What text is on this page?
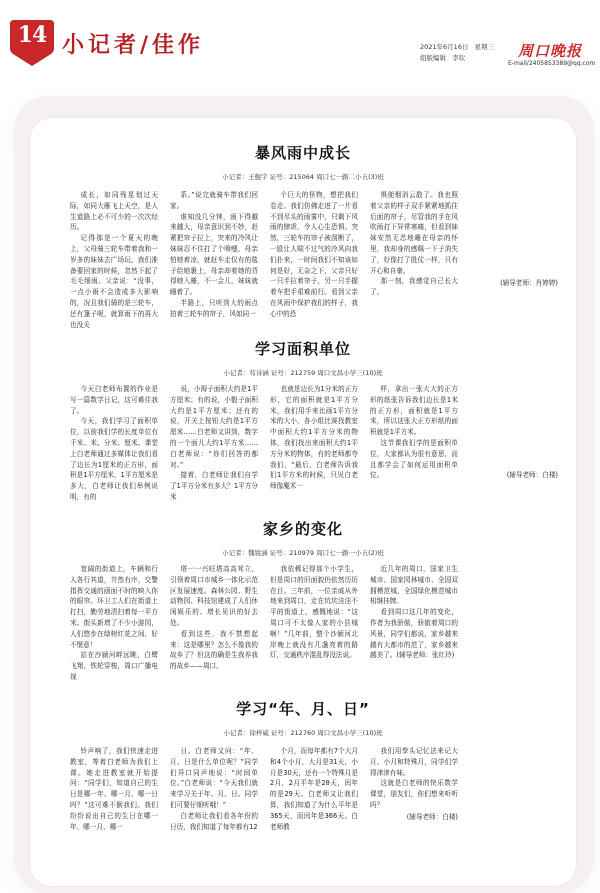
14 小记者/佳作	2021年6月16日 星期三
组版编辑 李钦	周口晚报
E-mail/2405853389@qq.com
暴风雨中成长
小记者：王舰宇 证号：215064 周口七一路二小五(3)班

成长，如同残星划过天际，如同大雁飞上天空，是人生道路上必不可少的一次次经历。

记得那是一个夏天的晚上，父母骑三轮车带着我和一岁多的妹妹去广场玩，我们准备要回家的时候，忽然下起了毛毛细雨。父亲说：“没事，一点小雨不会造成多大影响的，况且我们骑的是三轮车，还有篷子呢，就算雨下的再大也没关

系。”说完就骑车带我们回家。

谁知没几分钟，雨下得越来越大，母亲意识到不妙，赶紧把帘子拉上，突来的冷风让妹妹忍不住打了个喷嚏，母亲怕她着凉，就赶车走仅有的毯子给她裹上，母亲却着她的背得她入睡，不一会儿，妹妹就睡着了。

半路上，只听到大的雨点拍着三轮车的帘子，风如同一

个巨大的怪物，想把我们卷走。我们仿佛走进了一片看不到尽头的雨雾中，只剩下风雨的肆虐，令人心生恐惧。突然，三轮车的帘子被刮断了，一股让人喘不过气的冷风向我们扑来，一时间我们不知该如何是好，无奈之下，父亲只好一只手拉着帘子，另一只手握着车把手艰难前行。看到父亲在风雨中保护我们的样子，我心中的恐

惧便烟消云散了。我也照着父亲的样子双手紧紧地抓住后面的帘子，尽管我的手在风吹雨打下异常寒痛，但看到妹妹安然无恙地睡在母亲的怀里，我却身的感佩一下子消失了，好像打了胜仗一样，只有开心和自豪。

那一刻，我感觉自己长大了。

(辅导老师：肖婷婷)
学习面积单位
小记者：苟诗涵 证号：212759 周口文昌小学三(10)班

今天白老师布置的作业是写一篇数学日记，这可难住我了。

今天，我们学习了面积单位，以前我们学的长度单位有千米、米、分米、厘米。课堂上白老师通过多媒体让我们看了边长为1厘米的正方形，面积是1平方厘米，1平方厘米是多大，白老师让我们举例说明，有的

说，小拇子面积大约是1平方厘米；有的说，小骰子面积大约是1平方厘米；还有的说，开关上按钮大约是1平方厘米……白老师又讲到，数字的一个面儿大约1平方米……白老师说：“你们回答的都对。”

接着，白老师让我们自学了1平方分米有多大？1平方分米

也就是边长为1分米的正方形，它的面积就是1平方分米，我们用手来比画1平方分米的大小，各小组比赛找教室中面积大约1平方分米的物体，我们找出来面积大约1平方分米的物体，有的老师都夸我们，“最后，白老师告诉我们1平方米的时候，只见白老师像魔术一

样，拿出一张大大的正方形的纸张告诉我们边长是1米的正方形，面积就是1平方米，所以这张大正方形纸的面积就是1平方米。

这节课我们学的是面积单位，大家都认为很有意思，而且都学会了如何运用面积单位。	(辅导老师：白楼)
家乡的变化
小记者：魏锐涵 证号：210979 周口七一路一小五(2)班

宽阔的街道上，车辆和行人各行其道，井然有序，交警指挥交通的画面不时的映入你的眼帘。环卫工人们在街道上打扫，勤劳地清扫着每一平方米。街头新增了不少小游园，人们悠步在绿树红花之间，好不惬意！

站在沙颍河畔远眺，白鹭飞翔，铁轮穿梭，周口广播电视

塔一一兴旺塔高高耸立，引领着周口市城乡一体化示范区发展速度。森林公园、野生动物园、科技馆建成了人们休闲娱乐的、增长见识的好去处。

看到这些，我不禁想起来：这是哪里？怎么不像我的故乡了？但这的确是生我养我的故乡——周口。

我依稀记得那个小学生，但是周口的旧面貌仍依然历历在目。三年前，一位亲戚从外地来到周口，走在坑坑洼洼不平的街道上，感慨地说：“这周口可不太像人家的小县城啊！”几年前，整个沙颍河北岸晚上就没有几盏亮着的路灯，交通秩序混乱得没法说。

近几年的周口，国家卫生城市、国家园林城市、全国双拥模范城，全国绿化模范城市相继挂牌。

看到周口这几年的变化，作者为我骄傲，骄傲着周口的风景，同学们都说，家乡越来越有大都市的范了，家乡越来越美了。(辅导老师：张红玲)

学习“年、月、日”
小记者：徐梓威 证号：212760 周口文昌小学三(10)班

铃声响了，我们快速走进教室，等着白老师为我们上课。她走进教室就开始提问：“同学们，知道自己的生日是哪一年、哪一月、哪一日吗？”这可难不倒我们。我们纷纷说出自己的生日在哪一年、哪一月、哪一

日。白老师又问：“年、月、日是什么单位呢？”同学们异口同声地说：“时间单位。”白老师说：“今天我们就来学习关于年、月、日。同学们可要仔细听哦！”

白老师让我们看各年份的日历，我们知道了每年都有12

个月，而每年都有7个大月和4个小月，大月是31天，小月是30天，还有一个特殊月是2月，2月平年是28天，闰年的是29天。白老师又让我们算，我们知道了为什么平年是365天，而闰年是366天。白老师教

我们用拳头记忆法来记大月、小月和特殊月，同学们学得津津有味。

这就是白老师的快乐数学课堂，朋友们，你们想来听听吗？

(辅导老师：白楼)
